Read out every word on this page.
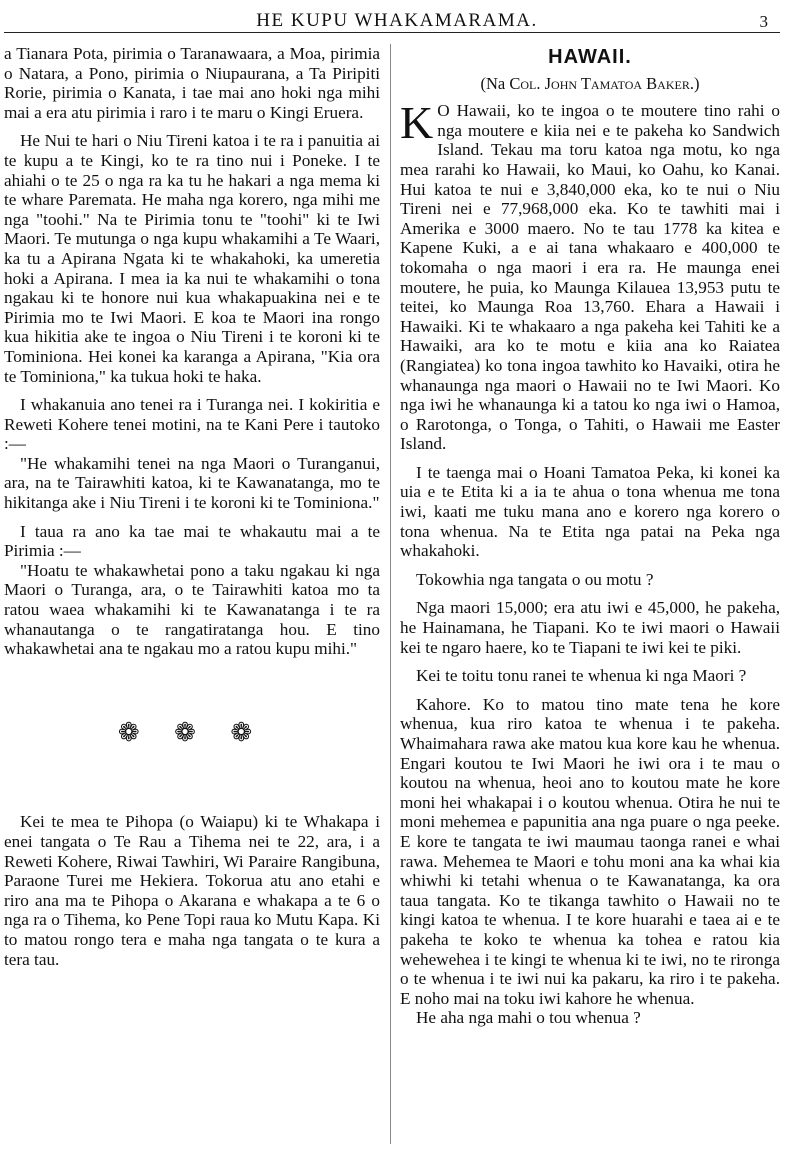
HE KUPU WHAKAMARAMA.	3

a Tianara Pota, pirimia o Taranawaara, a Moa, pirimia o Natara, a Pono, pirimia o Niupaurana, a Ta Piripiti Rorie, pirimia o Kanata, i tae mai ano hoki nga mihi mai a era atu pirimia i raro i te maru o Kingi Eruera.

He Nui te hari o Niu Tireni katoa i te ra i panuitia ai te kupu a te Kingi, ko te ra tino nui i Poneke. I te ahiahi o te 25 o nga ra ka tu he hakari a nga mema ki te whare Paremata. He maha nga korero, nga mihi me nga "toohi." Na te Pirimia tonu te "toohi" ki te Iwi Maori. Te mutunga o nga kupu whakamihi a Te Waari, ka tu a Apirana Ngata ki te whakahoki, ka umeretia hoki a Apirana. I mea ia ka nui te whakamihi o tona ngakau ki te honore nui kua whakapuakina nei e te Pirimia mo te Iwi Maori. E koa te Maori ina rongo kua hikitia ake te ingoa o Niu Tireni i te koroni ki te Tominiona. Hei konei ka karanga a Apirana, "Kia ora te Tominiona," ka tukua hoki te haka.

I whakanuia ano tenei ra i Turanga nei. I kokiritia e Reweti Kohere tenei motini, na te Kani Pere i tautoko :—

"He whakamihi tenei na nga Maori o Turanganui, ara, na te Tairawhiti katoa, ki te Kawanatanga, mo te hikitanga ake i Niu Tireni i te koroni ki te Tominiona."

I taua ra ano ka tae mai te whakautu mai a te Pirimia :—

"Hoatu te whakawhetai pono a taku ngakau ki nga Maori o Turanga, ara, o te Tairawhiti katoa mo ta ratou waea whakamihi ki te Kawanatanga i te ra whanautanga o te rangatiratanga hou. E tino whakawhetai ana te ngakau mo a ratou kupu mihi."

❁ ❁ ❁

Kei te mea te Pihopa (o Waiapu) ki te Whakapa i enei tangata o Te Rau a Tihema nei te 22, ara, i a Reweti Kohere, Riwai Tawhiri, Wi Paraire Rangibuna, Paraone Turei me Hekiera. Tokorua atu ano etahi e riro ana ma te Pihopa o Akarana e whakapa a te 6 o nga ra o Tihema, ko Pene Topi raua ko Mutu Kapa. Ki to matou rongo tera e maha nga tangata o te kura a tera tau.

HAWAII.
(Na Col. John Tamatoa Baker.)

K O Hawaii, ko te ingoa o te moutere tino rahi o nga moutere e kiia nei e te pakeha ko Sandwich Island. Tekau ma toru katoa nga motu, ko nga mea rarahi ko Hawaii, ko Maui, ko Oahu, ko Kanai. Hui katoa te nui e 3,840,000 eka, ko te nui o Niu Tireni nei e 77,968,000 eka. Ko te tawhiti mai i Amerika e 3000 maero. No te tau 1778 ka kitea e Kapene Kuki, a e ai tana whakaaro e 400,000 te tokomaha o nga maori i era ra. He maunga enei moutere, he puia, ko Maunga Kilauea 13,953 putu te teitei, ko Maunga Roa 13,760. Ehara a Hawaii i Hawaiki. Ki te whakaaro a nga pakeha kei Tahiti ke a Hawaiki, ara ko te motu e kiia ana ko Raiatea (Rangiatea) ko tona ingoa tawhito ko Havaiki, otira he whanaunga nga maori o Hawaii no te Iwi Maori. Ko nga iwi he whanaunga ki a tatou ko nga iwi o Hamoa, o Rarotonga, o Tonga, o Tahiti, o Hawaii me Easter Island.

I te taenga mai o Hoani Tamatoa Peka, ki konei ka uia e te Etita ki a ia te ahua o tona whenua me tona iwi, kaati me tuku mana ano e korero nga korero o tona whenua. Na te Etita nga patai na Peka nga whakahoki.

Tokowhia nga tangata o ou motu ?

Nga maori 15,000; era atu iwi e 45,000, he pakeha, he Hainamana, he Tiapani. Ko te iwi maori o Hawaii kei te ngaro haere, ko te Tiapani te iwi kei te piki.

Kei te toitu tonu ranei te whenua ki nga Maori ?

Kahore. Ko to matou tino mate tena he kore whenua, kua riro katoa te whenua i te pakeha. Whaimahara rawa ake matou kua kore kau he whenua. Engari koutou te Iwi Maori he iwi ora i te mau o koutou na whenua, heoi ano to koutou mate he kore moni hei whakapai i o koutou whenua. Otira he nui te moni mehemea e papunitia ana nga puare o nga peeke. E kore te tangata te iwi maumau taonga ranei e whai rawa. Mehemea te Maori e tohu moni ana ka whai kia whiwhi ki tetahi whenua o te Kawanatanga, ka ora taua tangata. Ko te tikanga tawhito o Hawaii no te kingi katoa te whenua. I te kore huarahi e taea ai e te pakeha te koko te whenua ka tohea e ratou kia wehewehea i te kingi te whenua ki te iwi, no te rironga o te whenua i te iwi nui ka pakaru, ka riro i te pakeha. E noho mai na toku iwi kahore he whenua.

He aha nga mahi o tou whenua ?
